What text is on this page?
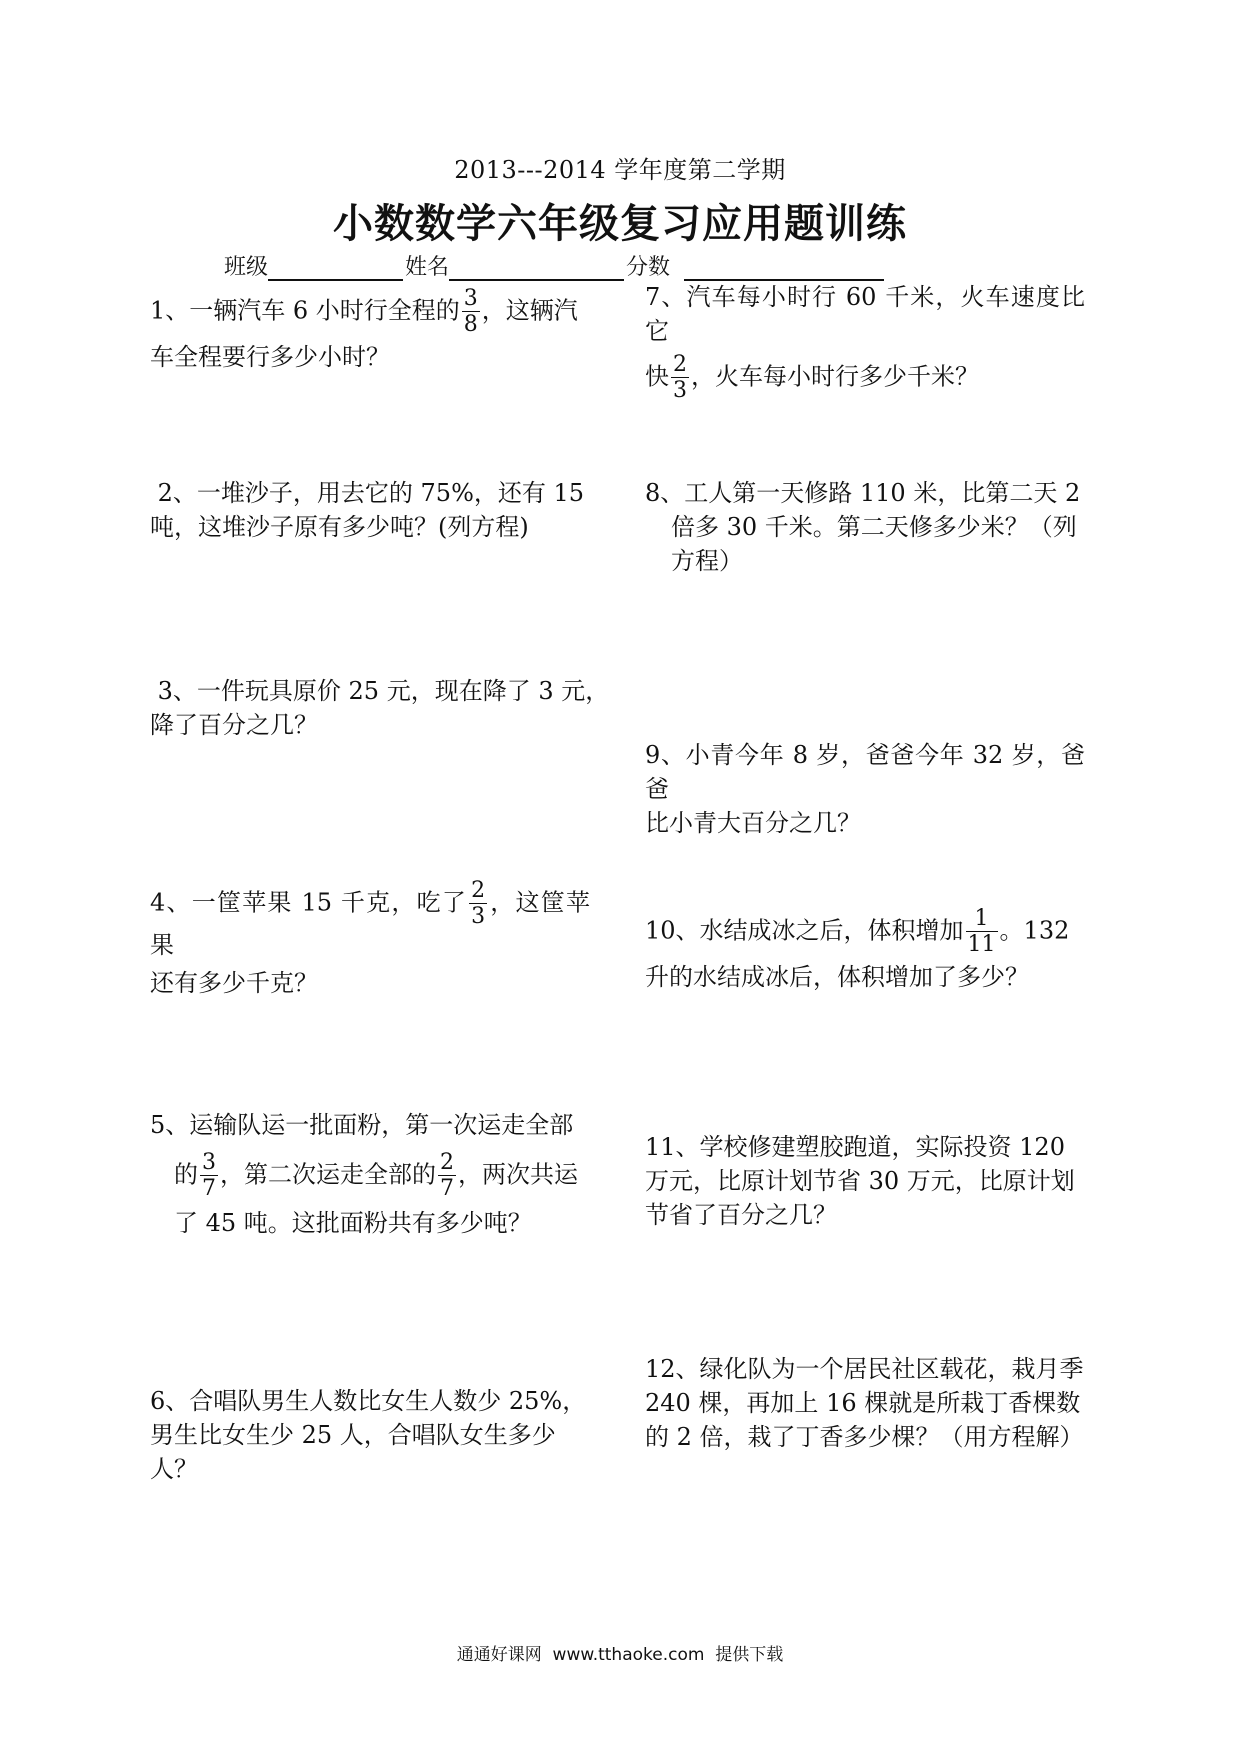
2013---2014 学年度第二学期
小数数学六年级复习应用题训练
班级	姓名	分数

1、一辆汽车 6 小时行全程的 $\frac{3}{8}$ ，这辆汽

车全程要行多少小时？

2、一堆沙子，用去它的 75%，还有 15

吨，这堆沙子原有多少吨？(列方程)

3、一件玩具原价 25 元，现在降了 3 元，

降了百分之几？

4、一筐苹果 15 千克，吃了 $\frac{2}{3}$ ，这筐苹果

还有多少千克？

5、运输队运一批面粉，第一次运走全部

的 $\frac{3}{7}$ ，第二次运走全部的 $\frac{2}{7}$ ，两次共运

了 45 吨。这批面粉共有多少吨？

6、合唱队男生人数比女生人数少 25%，

男生比女生少 25 人，合唱队女生多少

人？

7、汽车每小时行 60 千米，火车速度比它

快 $\frac{2}{3}$ ，火车每小时行多少千米？

8、工人第一天修路 110 米，比第二天 2

倍多 30 千米。第二天修多少米？（列

方程）

9、小青今年 8 岁，爸爸今年 32 岁，爸爸

比小青大百分之几？

10、水结成冰之后，体积增加 $\frac{1}{11}$ 。132

升的水结成冰后，体积增加了多少？

11、学校修建塑胶跑道，实际投资 120

万元，比原计划节省 30 万元，比原计划

节省了百分之几？

12、绿化队为一个居民社区载花，栽月季

240 棵，再加上 16 棵就是所栽丁香棵数

的 2 倍，栽了丁香多少棵？（用方程解）

通通好课网  www.tthaoke.com  提供下载
